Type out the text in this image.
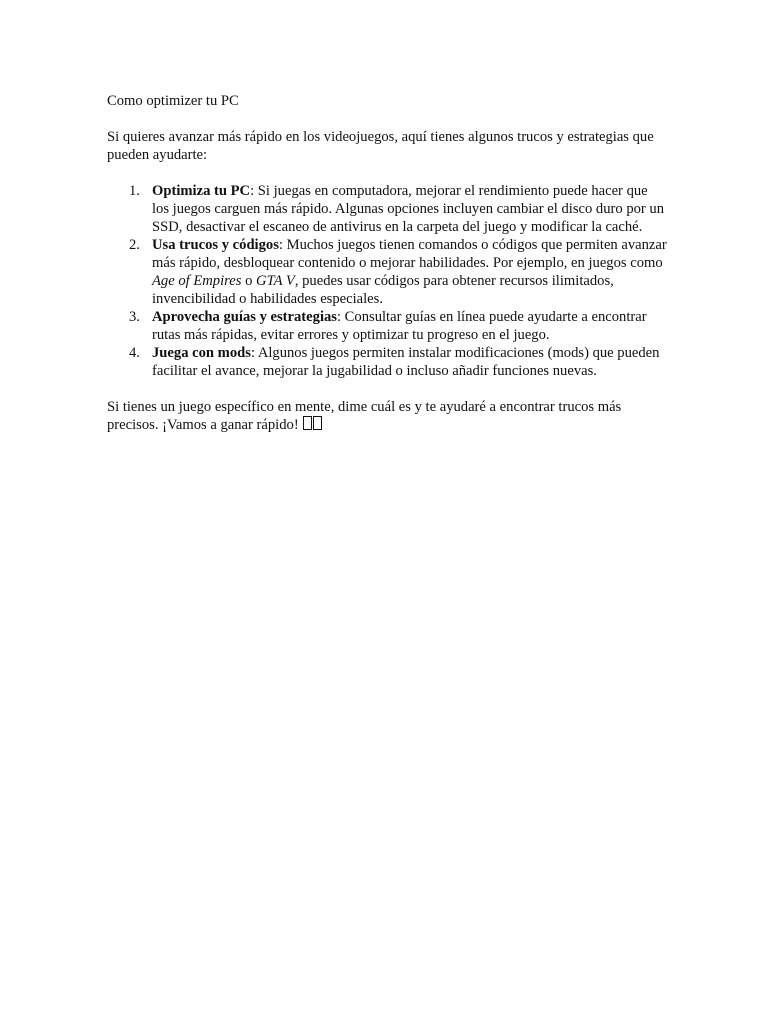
Como optimizer tu PC

Si quieres avanzar más rápido en los videojuegos, aquí tienes algunos trucos y estrategias que pueden ayudarte:

1. Optimiza tu PC: Si juegas en computadora, mejorar el rendimiento puede hacer que los juegos carguen más rápido. Algunas opciones incluyen cambiar el disco duro por un SSD, desactivar el escaneo de antivirus en la carpeta del juego y modificar la caché.
2. Usa trucos y códigos: Muchos juegos tienen comandos o códigos que permiten avanzar más rápido, desbloquear contenido o mejorar habilidades. Por ejemplo, en juegos como Age of Empires o GTA V, puedes usar códigos para obtener recursos ilimitados, invencibilidad o habilidades especiales.
3. Aprovecha guías y estrategias: Consultar guías en línea puede ayudarte a encontrar rutas más rápidas, evitar errores y optimizar tu progreso en el juego.
4. Juega con mods: Algunos juegos permiten instalar modificaciones (mods) que pueden facilitar el avance, mejorar la jugabilidad o incluso añadir funciones nuevas.

Si tienes un juego específico en mente, dime cuál es y te ayudaré a encontrar trucos más precisos. ¡Vamos a ganar rápido!
